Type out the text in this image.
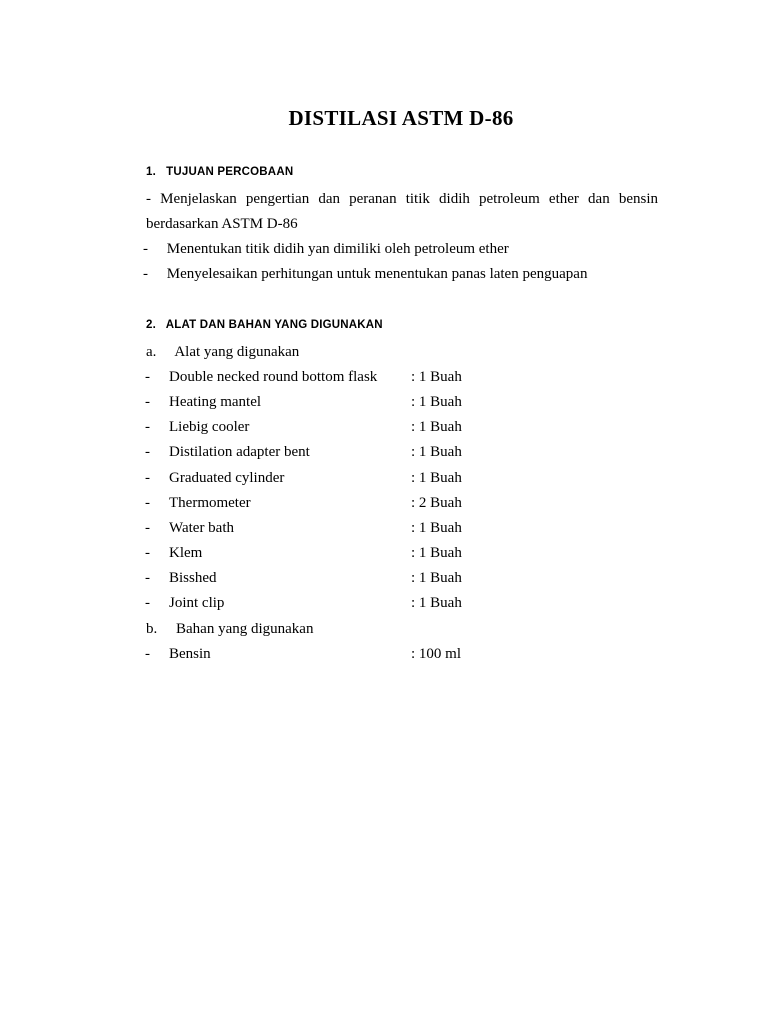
DISTILASI ASTM D-86
1.   TUJUAN PERCOBAAN
- Menjelaskan pengertian dan peranan titik didih petroleum ether dan bensin
berdasarkan ASTM D-86
-     Menentukan titik didih yan dimiliki oleh petroleum ether
-     Menyelesaikan perhitungan untuk menentukan panas laten penguapan
2.   ALAT DAN BAHAN YANG DIGUNAKAN
a.     Alat yang digunakan
- Double necked round bottom flask : 1 Buah
- Heating mantel	: 1 Buah
- Liebig cooler	: 1 Buah
- Distilation adapter bent	: 1 Buah
- Graduated cylinder	: 1 Buah
- Thermometer	: 2 Buah
- Water bath	: 1 Buah
- Klem	: 1 Buah
- Bisshed	: 1 Buah
- Joint clip	: 1 Buah
b.     Bahan yang digunakan
- Bensin	: 100 ml
